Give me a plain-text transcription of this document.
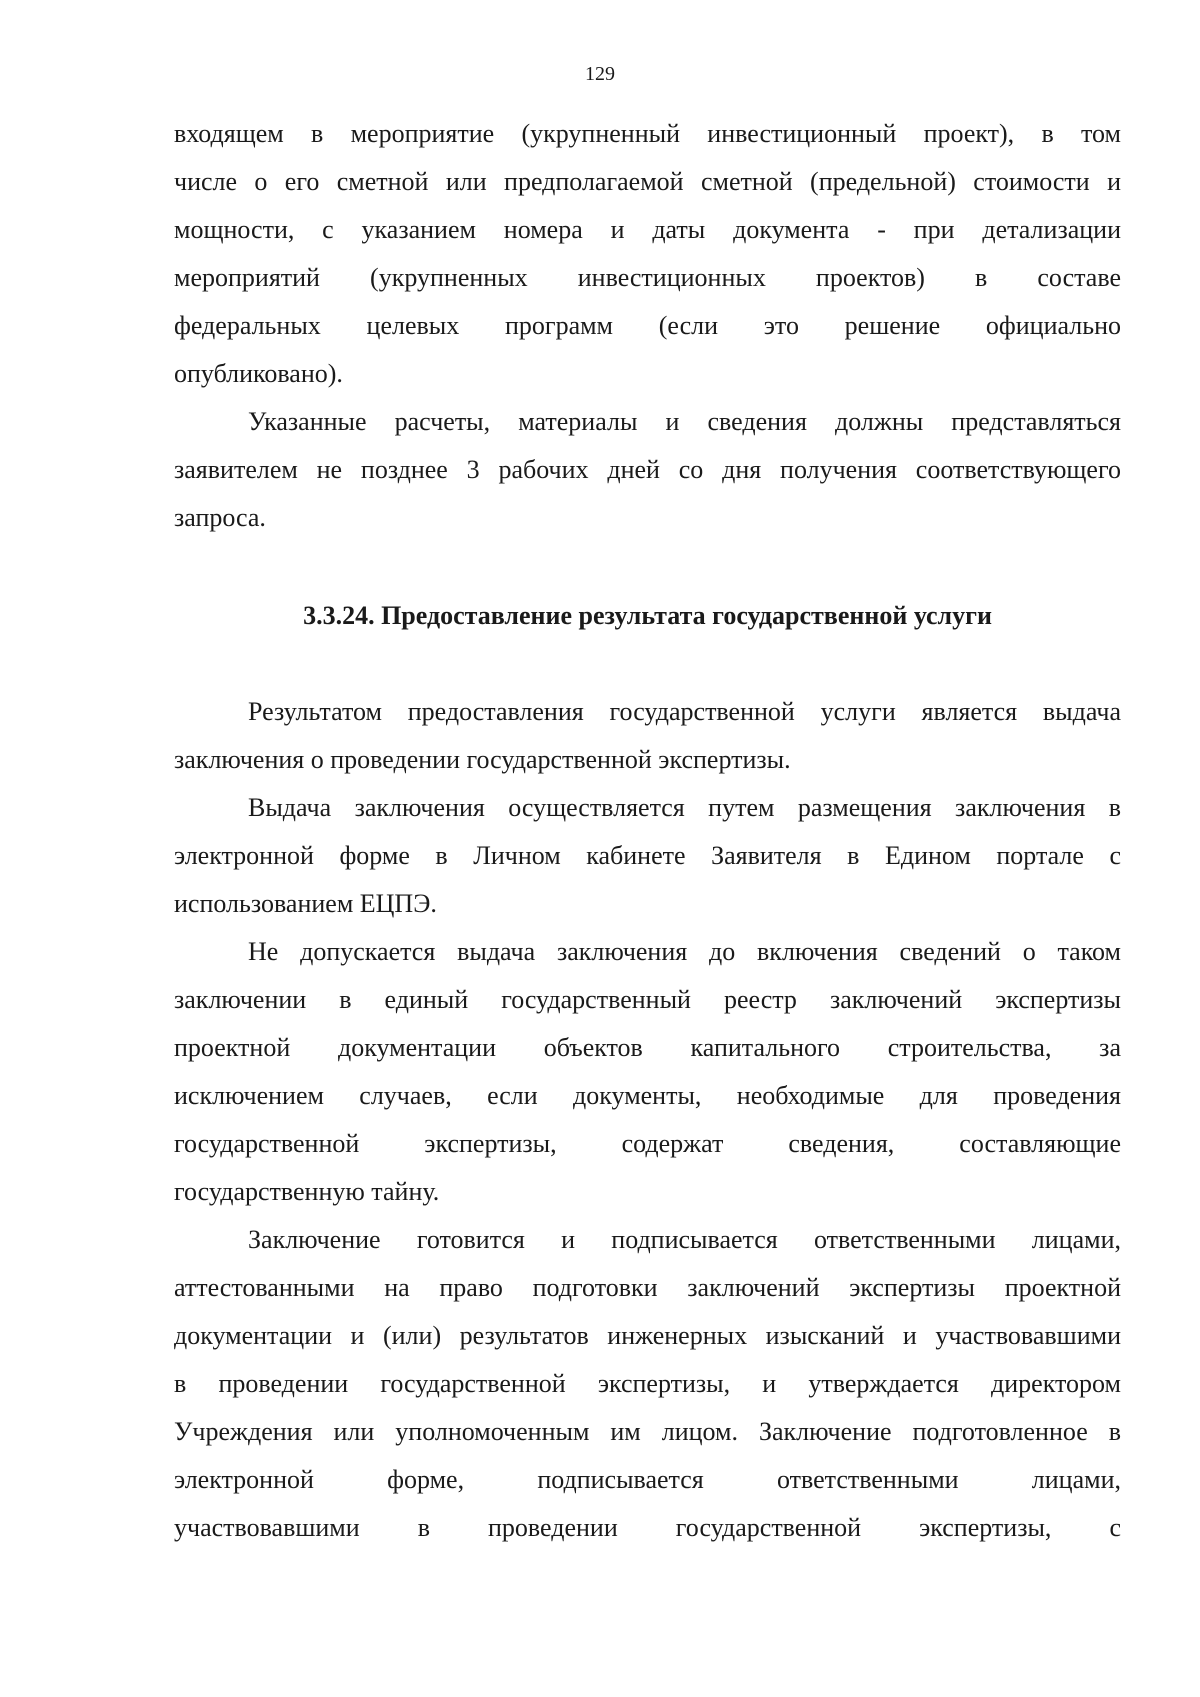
129
входящем в мероприятие (укрупненный инвестиционный проект), в том
числе о его сметной или предполагаемой сметной (предельной) стоимости и
мощности, с указанием номера и даты документа - при детализации
мероприятий (укрупненных инвестиционных проектов) в составе
федеральных целевых программ (если это решение официально
опубликовано).
Указанные расчеты, материалы и сведения должны представляться
заявителем не позднее 3 рабочих дней со дня получения соответствующего
запроса.
3.3.24. Предоставление результата государственной услуги
Результатом предоставления государственной услуги является выдача
заключения о проведении государственной экспертизы.
Выдача заключения осуществляется путем размещения заключения в
электронной форме в Личном кабинете Заявителя в Едином портале с
использованием ЕЦПЭ.
Не допускается выдача заключения до включения сведений о таком
заключении в единый государственный реестр заключений экспертизы
проектной документации объектов капитального строительства, за
исключением случаев, если документы, необходимые для проведения
государственной экспертизы, содержат сведения, составляющие
государственную тайну.
Заключение готовится и подписывается ответственными лицами,
аттестованными на право подготовки заключений экспертизы проектной
документации и (или) результатов инженерных изысканий и участвовавшими
в проведении государственной экспертизы, и утверждается директором
Учреждения или уполномоченным им лицом. Заключение подготовленное в
электронной форме, подписывается ответственными лицами,
участвовавшими в проведении государственной экспертизы, с
